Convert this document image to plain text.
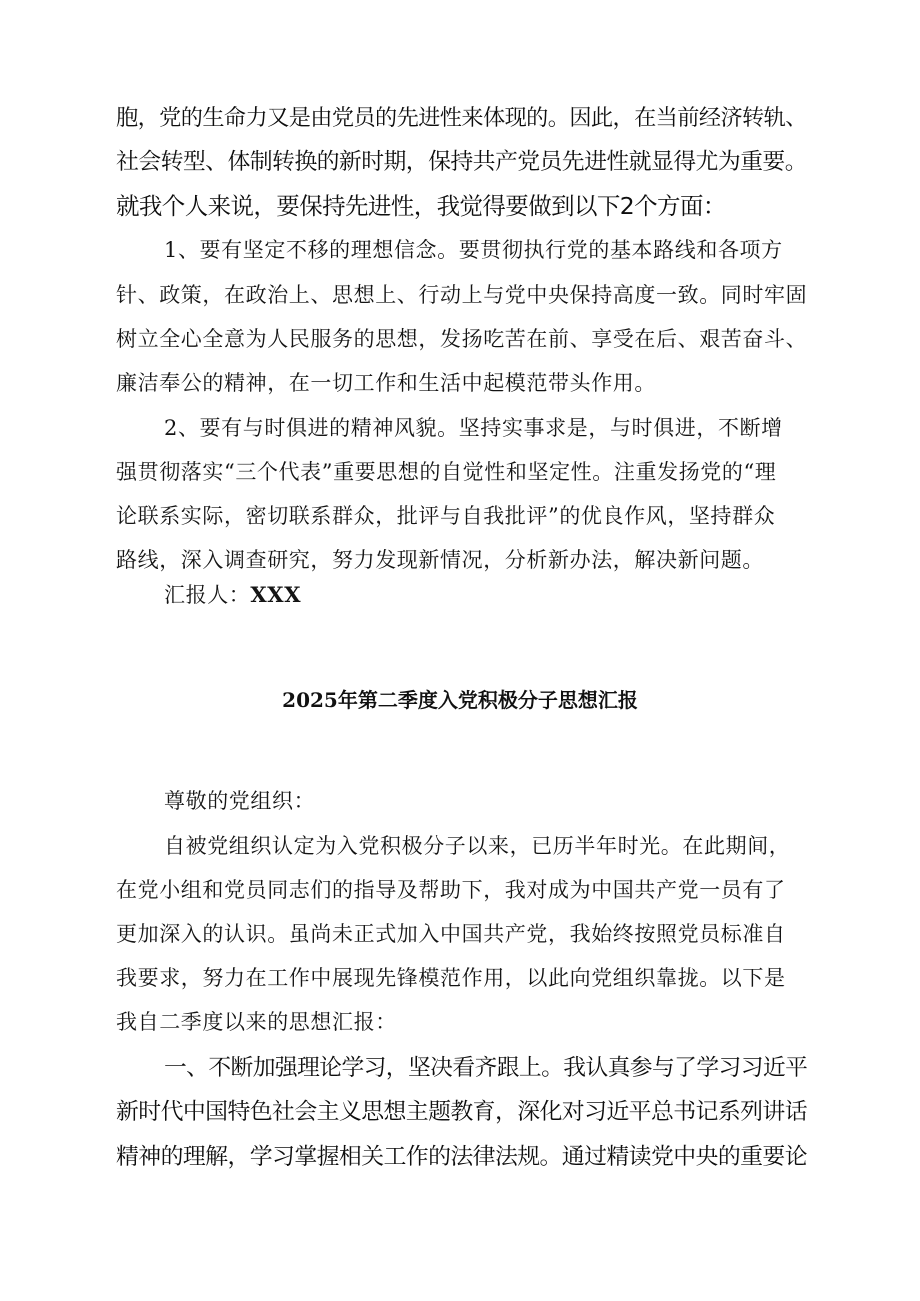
胞，党的生命力又是由党员的先进性来体现的。因此，在当前经济转轨、

社会转型、体制转换的新时期，保持共产党员先进性就显得尤为重要。

就我个人来说，要保持先进性，我觉得要做到以下2个方面：

1、要有坚定不移的理想信念。要贯彻执行党的基本路线和各项方

针、政策，在政治上、思想上、行动上与党中央保持高度一致。同时牢固

树立全心全意为人民服务的思想，发扬吃苦在前、享受在后、艰苦奋斗、

廉洁奉公的精神，在一切工作和生活中起模范带头作用。

2、要有与时俱进的精神风貌。坚持实事求是，与时俱进，不断增

强贯彻落实“三个代表”重要思想的自觉性和坚定性。注重发扬党的“理

论联系实际，密切联系群众，批评与自我批评”的优良作风，坚持群众

路线，深入调查研究，努力发现新情况，分析新办法，解决新问题。

汇报人：XXX

2025年第二季度入党积极分子思想汇报

尊敬的党组织：

自被党组织认定为入党积极分子以来，已历半年时光。在此期间，

在党小组和党员同志们的指导及帮助下，我对成为中国共产党一员有了

更加深入的认识。虽尚未正式加入中国共产党，我始终按照党员标准自

我要求，努力在工作中展现先锋模范作用，以此向党组织靠拢。以下是

我自二季度以来的思想汇报：

一、不断加强理论学习，坚决看齐跟上。我认真参与了学习习近平

新时代中国特色社会主义思想主题教育，深化对习近平总书记系列讲话

精神的理解，学习掌握相关工作的法律法规。通过精读党中央的重要论
